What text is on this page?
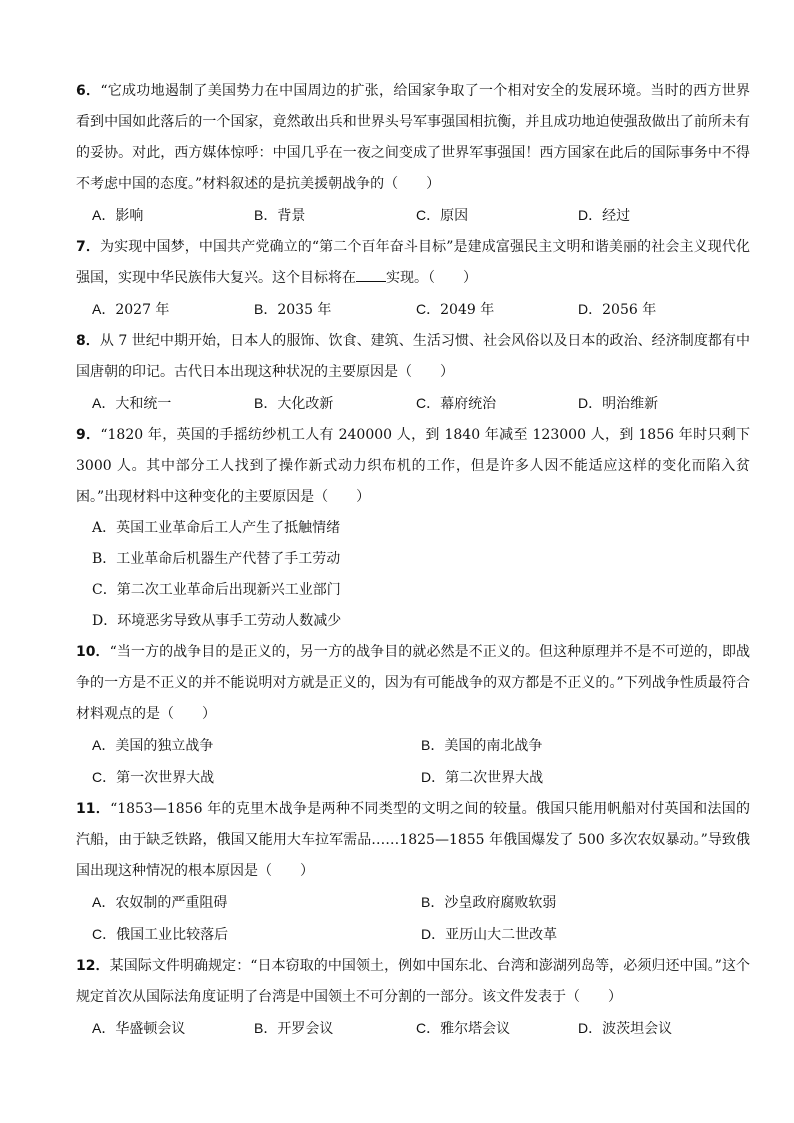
6．“它成功地遏制了美国势力在中国周边的扩张，给国家争取了一个相对安全的发展环境。当时的西方世界看到中国如此落后的一个国家，竟然敢出兵和世界头号军事强国相抗衡，并且成功地迫使强敌做出了前所未有的妥协。对此，西方媒体惊呼：中国几乎在一夜之间变成了世界军事强国！西方国家在此后的国际事务中不得不考虑中国的态度。”材料叙述的是抗美援朝战争的（　　）

A．影响	B．背景	C．原因	D．经过

7．为实现中国梦，中国共产党确立的“第二个百年奋斗目标”是建成富强民主文明和谐美丽的社会主义现代化强国，实现中华民族伟大复兴。这个目标将在 实现。（　　）

A．2027 年	B．2035 年	C．2049 年	D．2056 年

8．从 7 世纪中期开始，日本人的服饰、饮食、建筑、生活习惯、社会风俗以及日本的政治、经济制度都有中国唐朝的印记。古代日本出现这种状况的主要原因是（　　）

A．大和统一	B．大化改新	C．幕府统治	D．明治维新

9．“1820 年，英国的手摇纺纱机工人有 240000 人，到 1840 年减至 123000 人，到 1856 年时只剩下 3000 人。其中部分工人找到了操作新式动力织布机的工作，但是许多人因不能适应这样的变化而陷入贫困。”出现材料中这种变化的主要原因是（　　）

A．英国工业革命后工人产生了抵触情绪
B．工业革命后机器生产代替了手工劳动
C．第二次工业革命后出现新兴工业部门
D．环境恶劣导致从事手工劳动人数减少

10．“当一方的战争目的是正义的，另一方的战争目的就必然是不正义的。但这种原理并不是不可逆的，即战争的一方是不正义的并不能说明对方就是正义的，因为有可能战争的双方都是不正义的。”下列战争性质最符合材料观点的是（　　）

A．美国的独立战争	B．美国的南北战争
C．第一次世界大战	D．第二次世界大战

11．“1853—1856 年的克里木战争是两种不同类型的文明之间的较量。俄国只能用帆船对付英国和法国的汽船，由于缺乏铁路，俄国又能用大车拉军需品……1825—1855 年俄国爆发了 500 多次农奴暴动。”导致俄国出现这种情况的根本原因是（　　）

A．农奴制的严重阻碍	B．沙皇政府腐败软弱
C．俄国工业比较落后	D．亚历山大二世改革

12．某国际文件明确规定：“日本窃取的中国领土，例如中国东北、台湾和澎湖列岛等，必须归还中国。”这个规定首次从国际法角度证明了台湾是中国领土不可分割的一部分。该文件发表于（　　）

A．华盛顿会议	B．开罗会议	C．雅尔塔会议	D．波茨坦会议
